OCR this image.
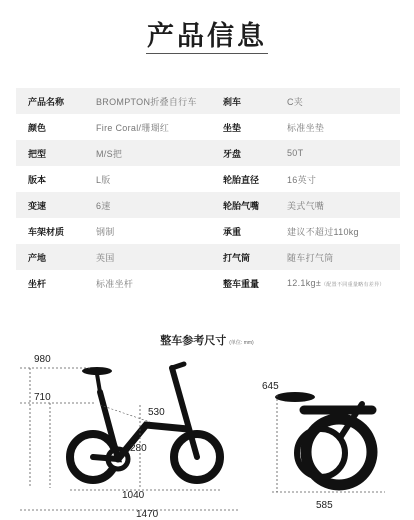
产品信息
产品名称	BROMPTON折叠自行车	刹车	C夹
颜色	Fire Coral/珊瑚红	坐垫	标准坐垫
把型	M/S把	牙盘	50T
版本	L版	轮胎直径	16英寸
变速	6速	轮胎气嘴	美式气嘴
车架材质	钢制	承重	建议不超过110kg
产地	英国	打气筒	随车打气筒
坐杆	标准坐杆	整车重量	12.1kg±（配置不同重量略有差异）
整车参考尺寸 (单位: mm)
980
710
530
280
1040
1470
645
585
